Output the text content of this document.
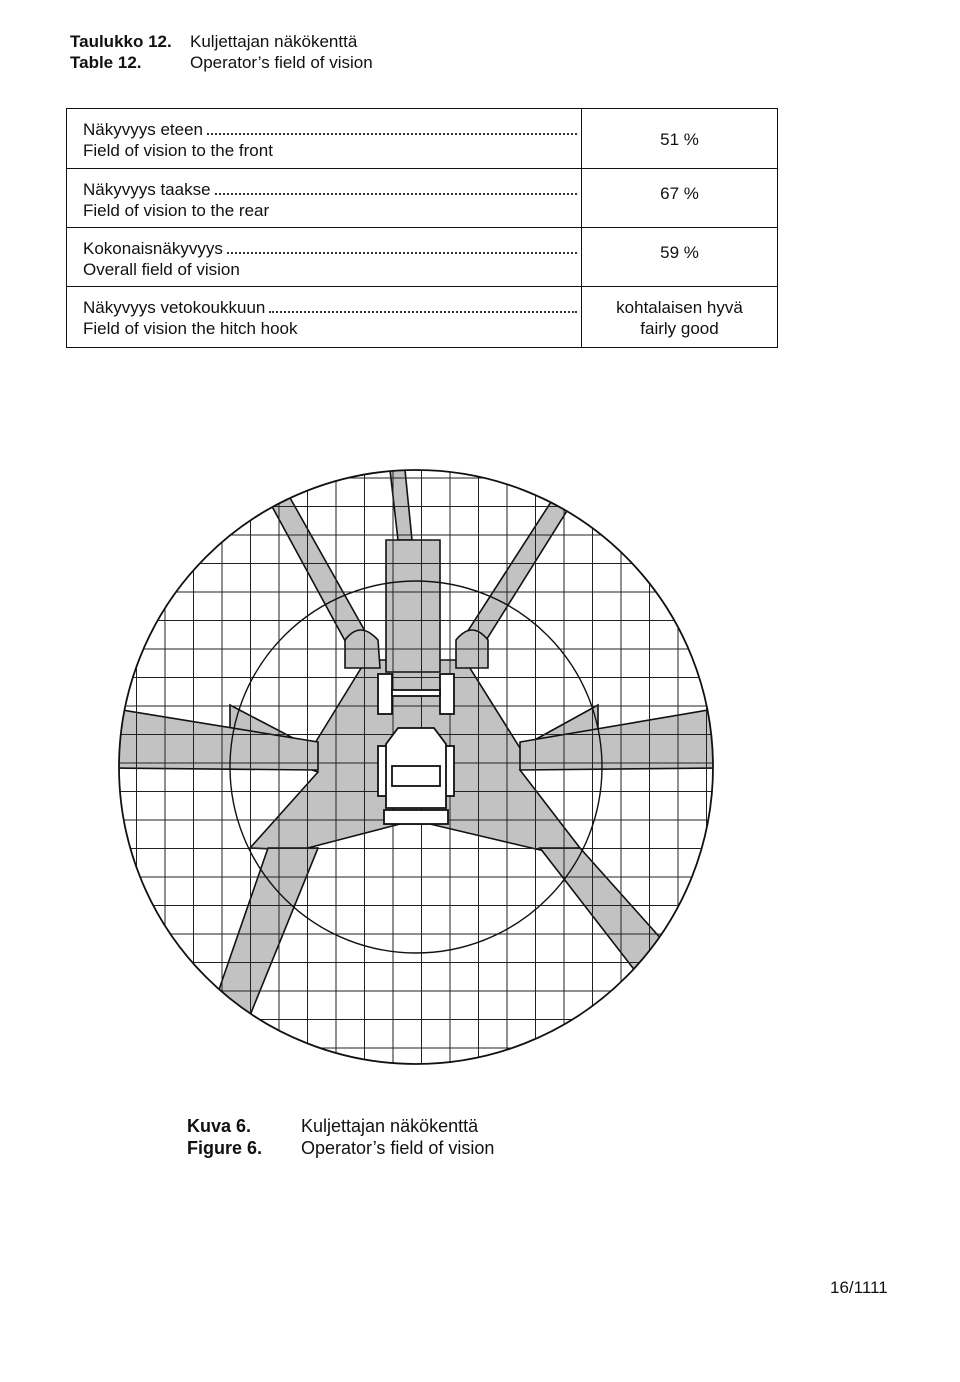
Taulukko 12. Kuljettajan näkökenttä
Table 12.	Operator’s field of vision
Näkyvyys eteen
Field of vision to the front
51 %
Näkyvyys taakse
Field of vision to the rear
67 %
Kokonaisnäkyvyys
Overall field of vision
59 %
Näkyvyys vetokoukkuun
Field of vision the hitch hook
kohtalaisen hyvä
fairly good
Kuva 6.	Kuljettajan näkökenttä
Figure 6. Operator’s field of vision
16/1111
